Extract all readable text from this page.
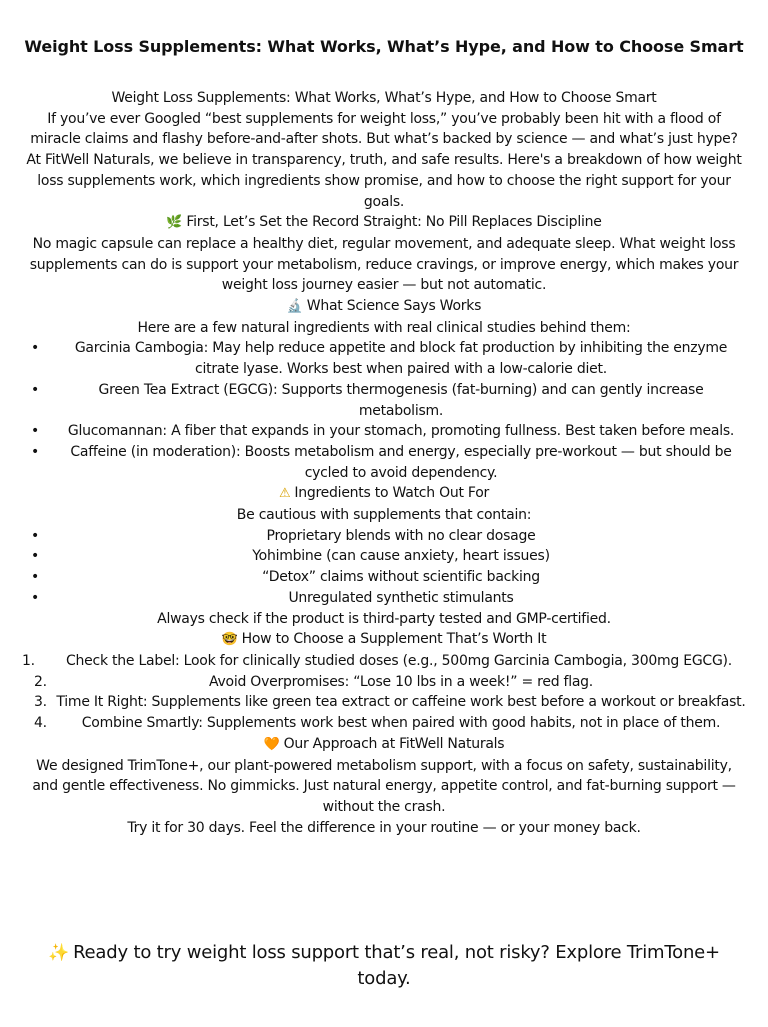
Weight Loss Supplements: What Works, What’s Hype, and How to Choose Smart

Weight Loss Supplements: What Works, What’s Hype, and How to Choose Smart

If you’ve ever Googled “best supplements for weight loss,” you’ve probably been hit with a flood of miracle claims and flashy before-and-after shots. But what’s backed by science — and what’s just hype?

At FitWell Naturals, we believe in transparency, truth, and safe results. Here's a breakdown of how weight loss supplements work, which ingredients show promise, and how to choose the right support for your goals.

🌿 First, Let’s Set the Record Straight: No Pill Replaces Discipline

No magic capsule can replace a healthy diet, regular movement, and adequate sleep. What weight loss supplements can do is support your metabolism, reduce cravings, or improve energy, which makes your weight loss journey easier — but not automatic.

🔬 What Science Says Works

Here are a few natural ingredients with real clinical studies behind them:

• Garcinia Cambogia: May help reduce appetite and block fat production by inhibiting the enzyme citrate lyase. Works best when paired with a low-calorie diet.
• Green Tea Extract (EGCG): Supports thermogenesis (fat-burning) and can gently increase metabolism.
• Glucomannan: A fiber that expands in your stomach, promoting fullness. Best taken before meals.
• Caffeine (in moderation): Boosts metabolism and energy, especially pre-workout — but should be cycled to avoid dependency.

⚠ Ingredients to Watch Out For

Be cautious with supplements that contain:

• Proprietary blends with no clear dosage
• Yohimbine (can cause anxiety, heart issues)
• “Detox” claims without scientific backing
• Unregulated synthetic stimulants

Always check if the product is third-party tested and GMP-certified.

🤓 How to Choose a Supplement That’s Worth It

1.	Check the Label: Look for clinically studied doses (e.g., 500mg Garcinia Cambogia, 300mg EGCG).
2.	Avoid Overpromises: “Lose 10 lbs in a week!” = red flag.
3. Time It Right: Supplements like green tea extract or caffeine work best before a workout or breakfast.
4.	Combine Smartly: Supplements work best when paired with good habits, not in place of them.

🧡 Our Approach at FitWell Naturals

We designed TrimTone+, our plant-powered metabolism support, with a focus on safety, sustainability, and gentle effectiveness. No gimmicks. Just natural energy, appetite control, and fat-burning support — without the crash.

Try it for 30 days. Feel the difference in your routine — or your money back.

✨ Ready to try weight loss support that’s real, not risky? Explore TrimTone+ today.
